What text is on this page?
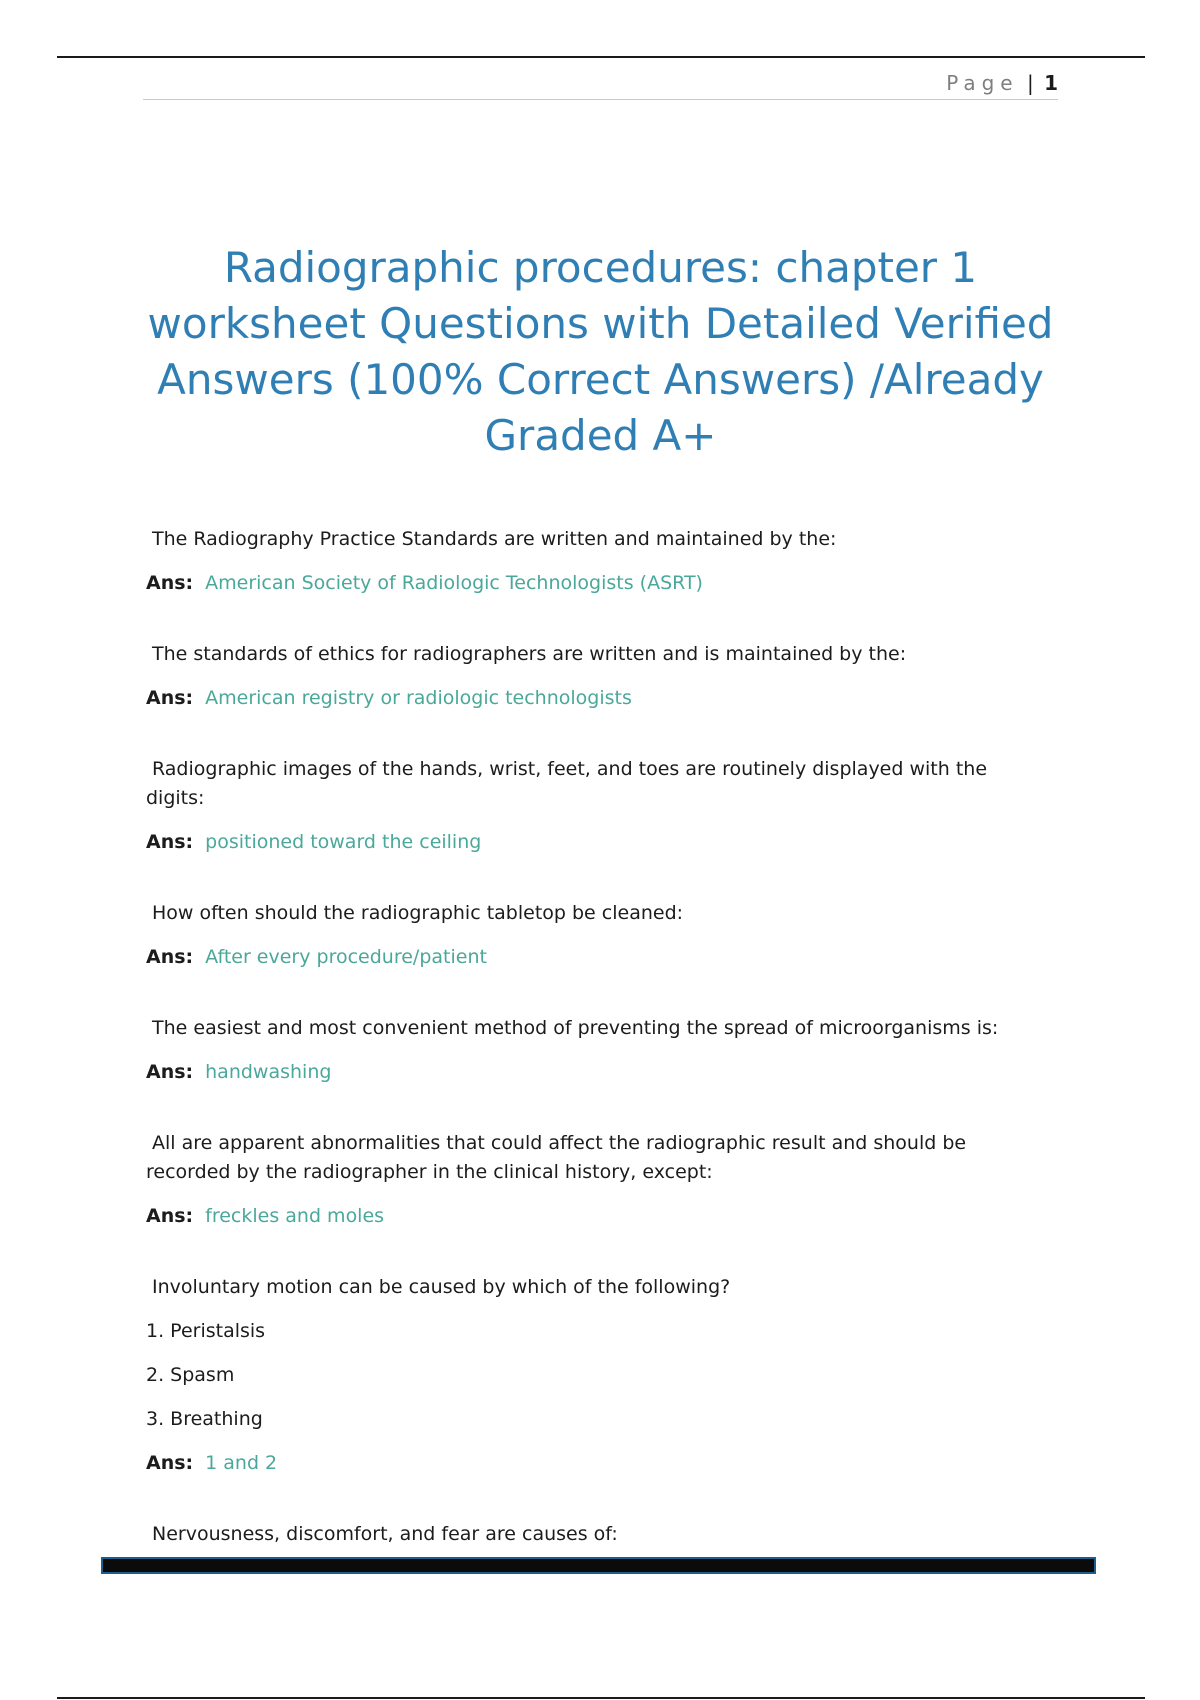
Page | 1
Radiographic procedures: chapter 1 worksheet Questions with Detailed Verified Answers (100% Correct Answers) /Already Graded A+

The Radiography Practice Standards are written and maintained by the:

Ans: American Society of Radiologic Technologists (ASRT)

The standards of ethics for radiographers are written and is maintained by the:

Ans: American registry or radiologic technologists

Radiographic images of the hands, wrist, feet, and toes are routinely displayed with the digits:

Ans: positioned toward the ceiling

How often should the radiographic tabletop be cleaned:

Ans: After every procedure/patient

The easiest and most convenient method of preventing the spread of microorganisms is:

Ans: handwashing

All are apparent abnormalities that could affect the radiographic result and should be recorded by the radiographer in the clinical history, except:

Ans: freckles and moles

Involuntary motion can be caused by which of the following?

1. Peristalsis

2. Spasm

3. Breathing

Ans: 1 and 2

Nervousness, discomfort, and fear are causes of:
